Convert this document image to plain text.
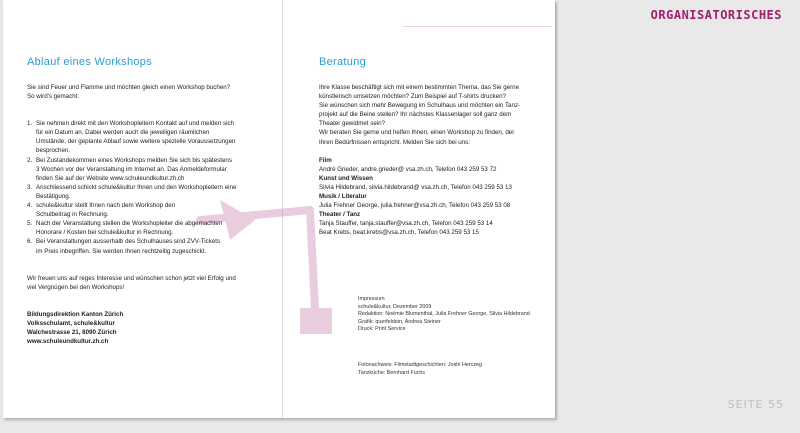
ORGANISATORISCHES
Ablauf eines Workshops

Sie sind Feuer und Flamme und möchten gleich einen Workshop buchen?

So wird's gemacht:

1. Sie nehmen direkt mit den Workshopleitern Kontakt auf und melden sich

für ein Datum an. Dabei werden auch die jeweiligen räumlichen

Umstände, der geplante Ablauf sowie weitere spezielle Voraussetzungen

besprochen.

2. Bei Zustandekommen eines Workshops melden Sie sich bis spätestens

3 Wochen vor der Veranstaltung im Internet an. Das Anmeldeformular

finden Sie auf der Website www.schuleundkultur.zh.ch

3. Anschliessend schickt schule&kultur Ihnen und den Workshopleitern eine

Bestätigung.

4. schule&kultur stellt Ihnen nach dem Workshop den

Schulbeitrag in Rechnung.

5. Nach der Veranstaltung stellen die Workshopleiter die abgemachten

Honorare / Kosten bei schule&kultur in Rechnung.

6. Bei Veranstaltungen ausserhalb des Schulhauses sind ZVV-Tickets

im Preis inbegriffen. Sie werden Ihnen rechtzeitig zugeschickt.

Wir freuen uns auf reges Interesse und wünschen schon jetzt viel Erfolg und

viel Vergnügen bei den Workshops!

Bildungsdirektion Kanton Zürich

Volksschulamt, schule&kultur

Walchestrasse 21, 8090 Zürich

www.schuleundkultur.zh.ch

Beratung

Ihre Klasse beschäftigt sich mit einem bestimmten Thema, das Sie gerne

künstlerisch umsetzen möchten? Zum Beispiel auf T-shirts drucken?

Sie wünschen sich mehr Bewegung im Schulhaus und möchten ein Tanz-

projekt auf die Beine stellen? Ihr nächstes Klassenlager soll ganz dem

Theater gewidmet sein?

Wir beraten Sie gerne und helfen Ihnen, einen Workshop zu finden, der

Ihren Bedürfnissen entspricht. Melden Sie sich bei uns:

Film

André Grieder, andre.grieder@ vsa.zh.ch, Telefon 043 259 53 72

Kunst und Wissen

Silvia Hildebrand, silvia.hildebrand@ vsa.zh.ch, Telefon 043 259 53 13

Musik / Literatur

Julia Frehner George, julia.frehner@vsa.zh.ch, Telefon 043 259 53 08

Theater / Tanz

Tanja Stauffer, tanja.stauffer@vsa.zh.ch, Telefon 043 259 53 14

Beat Krebs, beat.krebs@vsa.zh.ch, Telefon 043 259 53 15

Impressum
schule&kultur, Dezember 2009
Redaktion: Noëmie Blumenthal, Julia Frehner George, Silvia Hildebrand
Grafik: querfeldein, Andrea Steiner
Druck: Print Service
Fotonachweis: Filmstadtgeschichten: Joshi Herczeg
Tanzküche: Bernhard Fuchs
SEITE 55
